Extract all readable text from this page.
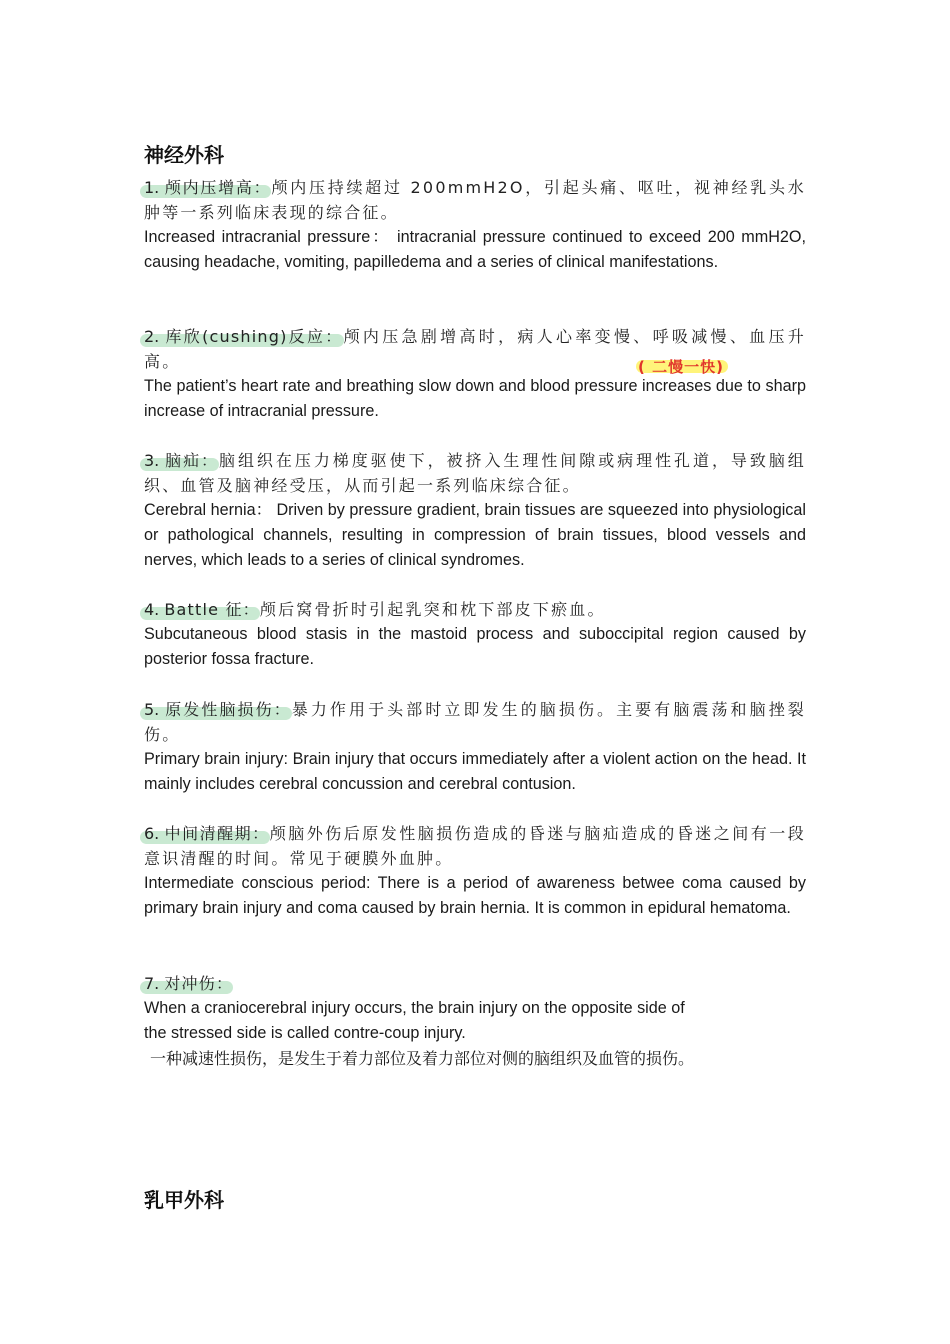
神经外科

1. 颅内压增高：颅内压持续超过 200mmH2O，引起头痛、呕吐，视神经乳头水肿等一系列临床表现的综合征。

Increased intracranial pressure： intracranial pressure continued to exceed 200 mmH2O, causing headache, vomiting, papilledema and a series of clinical manifestations.

2. 库欣(cushing)反应：颅内压急剧增高时，病人心率变慢、呼吸减慢、血压升高。

The patient’s heart rate and breathing slow down and blood pressure increases due to sharp increase of intracranial pressure.

( 二慢一快)

3. 脑疝：脑组织在压力梯度驱使下，被挤入生理性间隙或病理性孔道，导致脑组织、血管及脑神经受压，从而引起一系列临床综合征。

Cerebral hernia： Driven by pressure gradient, brain tissues are squeezed into physiological or pathological channels, resulting in compression of brain tissues, blood vessels and nerves, which leads to a series of clinical syndromes.

4. Battle 征：颅后窝骨折时引起乳突和枕下部皮下瘀血。

Subcutaneous blood stasis in the mastoid process and suboccipital region caused by posterior fossa fracture.

5. 原发性脑损伤：暴力作用于头部时立即发生的脑损伤。主要有脑震荡和脑挫裂伤。

Primary brain injury: Brain injury that occurs immediately after a violent action on the head. It mainly includes cerebral concussion and cerebral contusion.

6. 中间清醒期：颅脑外伤后原发性脑损伤造成的昏迷与脑疝造成的昏迷之间有一段意识清醒的时间。常见于硬膜外血肿。

Intermediate conscious period: There is a period of awareness betwee coma caused by primary brain injury and coma caused by brain hernia. It is common in epidural hematoma.

7. 对冲伤：

When a craniocerebral injury occurs, the brain injury on the opposite side of

the stressed side is called contre-coup injury.

一种减速性损伤，是发生于着力部位及着力部位对侧的脑组织及血管的损伤。

乳甲外科
